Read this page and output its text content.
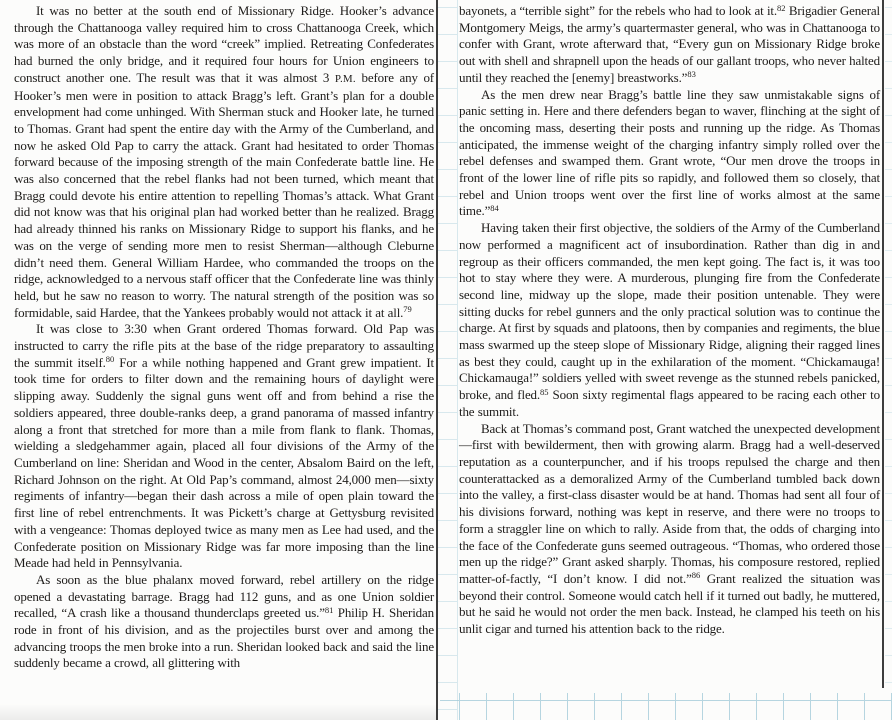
It was no better at the south end of Missionary Ridge. Hooker’s advance through the Chattanooga valley required him to cross Chattanooga Creek, which was more of an obstacle than the word “creek” implied. Retreating Confederates had burned the only bridge, and it required four hours for Union engineers to construct another one. The result was that it was almost 3 P.M. before any of Hooker’s men were in position to attack Bragg’s left. Grant’s plan for a double envelopment had come unhinged. With Sherman stuck and Hooker late, he turned to Thomas. Grant had spent the entire day with the Army of the Cumberland, and now he asked Old Pap to carry the attack. Grant had hesitated to order Thomas forward because of the imposing strength of the main Confederate battle line. He was also concerned that the rebel flanks had not been turned, which meant that Bragg could devote his entire attention to repelling Thomas’s attack. What Grant did not know was that his original plan had worked better than he realized. Bragg had already thinned his ranks on Missionary Ridge to support his flanks, and he was on the verge of sending more men to resist Sherman—although Cleburne didn’t need them. General William Hardee, who commanded the troops on the ridge, acknowledged to a nervous staff officer that the Confederate line was thinly held, but he saw no reason to worry. The natural strength of the position was so formidable, said Hardee, that the Yankees probably would not attack it at all.$^{79}$

It was close to 3:30 when Grant ordered Thomas forward. Old Pap was instructed to carry the rifle pits at the base of the ridge preparatory to assaulting the summit itself.$^{80}$ For a while nothing happened and Grant grew impatient. It took time for orders to filter down and the remaining hours of daylight were slipping away. Suddenly the signal guns went off and from behind a rise the soldiers appeared, three double-ranks deep, a grand panorama of massed infantry along a front that stretched for more than a mile from flank to flank. Thomas, wielding a sledgehammer again, placed all four divisions of the Army of the Cumberland on line: Sheridan and Wood in the center, Absalom Baird on the left, Richard Johnson on the right. At Old Pap’s command, almost 24,000 men—sixty regiments of infantry—began their dash across a mile of open plain toward the first line of rebel entrenchments. It was Pickett’s charge at Gettysburg revisited with a vengeance: Thomas deployed twice as many men as Lee had used, and the Confederate position on Missionary Ridge was far more imposing than the line Meade had held in Pennsylvania.

As soon as the blue phalanx moved forward, rebel artillery on the ridge opened a devastating barrage. Bragg had 112 guns, and as one Union soldier recalled, “A crash like a thousand thunderclaps greeted us.”$^{81}$ Philip H. Sheridan rode in front of his division, and as the projectiles burst over and among the advancing troops the men broke into a run. Sheridan looked back and said the line suddenly became a crowd, all glittering with

bayonets, a “terrible sight” for the rebels who had to look at it.$^{82}$ Brigadier General Montgomery Meigs, the army’s quartermaster general, who was in Chattanooga to confer with Grant, wrote afterward that, “Every gun on Missionary Ridge broke out with shell and shrapnell upon the heads of our gallant troops, who never halted until they reached the [enemy] breastworks.”$^{83}$

As the men drew near Bragg’s battle line they saw unmistakable signs of panic setting in. Here and there defenders began to waver, flinching at the sight of the oncoming mass, deserting their posts and running up the ridge. As Thomas anticipated, the immense weight of the charging infantry simply rolled over the rebel defenses and swamped them. Grant wrote, “Our men drove the troops in front of the lower line of rifle pits so rapidly, and followed them so closely, that rebel and Union troops went over the first line of works almost at the same time.”$^{84}$

Having taken their first objective, the soldiers of the Army of the Cumberland now performed a magnificent act of insubordination. Rather than dig in and regroup as their officers commanded, the men kept going. The fact is, it was too hot to stay where they were. A murderous, plunging fire from the Confederate second line, midway up the slope, made their position untenable. They were sitting ducks for rebel gunners and the only practical solution was to continue the charge. At first by squads and platoons, then by companies and regiments, the blue mass swarmed up the steep slope of Missionary Ridge, aligning their ragged lines as best they could, caught up in the exhilaration of the moment. “Chickamauga! Chickamauga!” soldiers yelled with sweet revenge as the stunned rebels panicked, broke, and fled.$^{85}$ Soon sixty regimental flags appeared to be racing each other to the summit.

Back at Thomas’s command post, Grant watched the unexpected development—first with bewilderment, then with growing alarm. Bragg had a well-deserved reputation as a counterpuncher, and if his troops repulsed the charge and then counterattacked as a demoralized Army of the Cumberland tumbled back down into the valley, a first-class disaster would be at hand. Thomas had sent all four of his divisions forward, nothing was kept in reserve, and there were no troops to form a straggler line on which to rally. Aside from that, the odds of charging into the face of the Confederate guns seemed outrageous. “Thomas, who ordered those men up the ridge?” Grant asked sharply. Thomas, his composure restored, replied matter-of-factly, “I don’t know. I did not.”$^{86}$ Grant realized the situation was beyond their control. Someone would catch hell if it turned out badly, he muttered, but he said he would not order the men back. Instead, he clamped his teeth on his unlit cigar and turned his attention back to the ridge.
